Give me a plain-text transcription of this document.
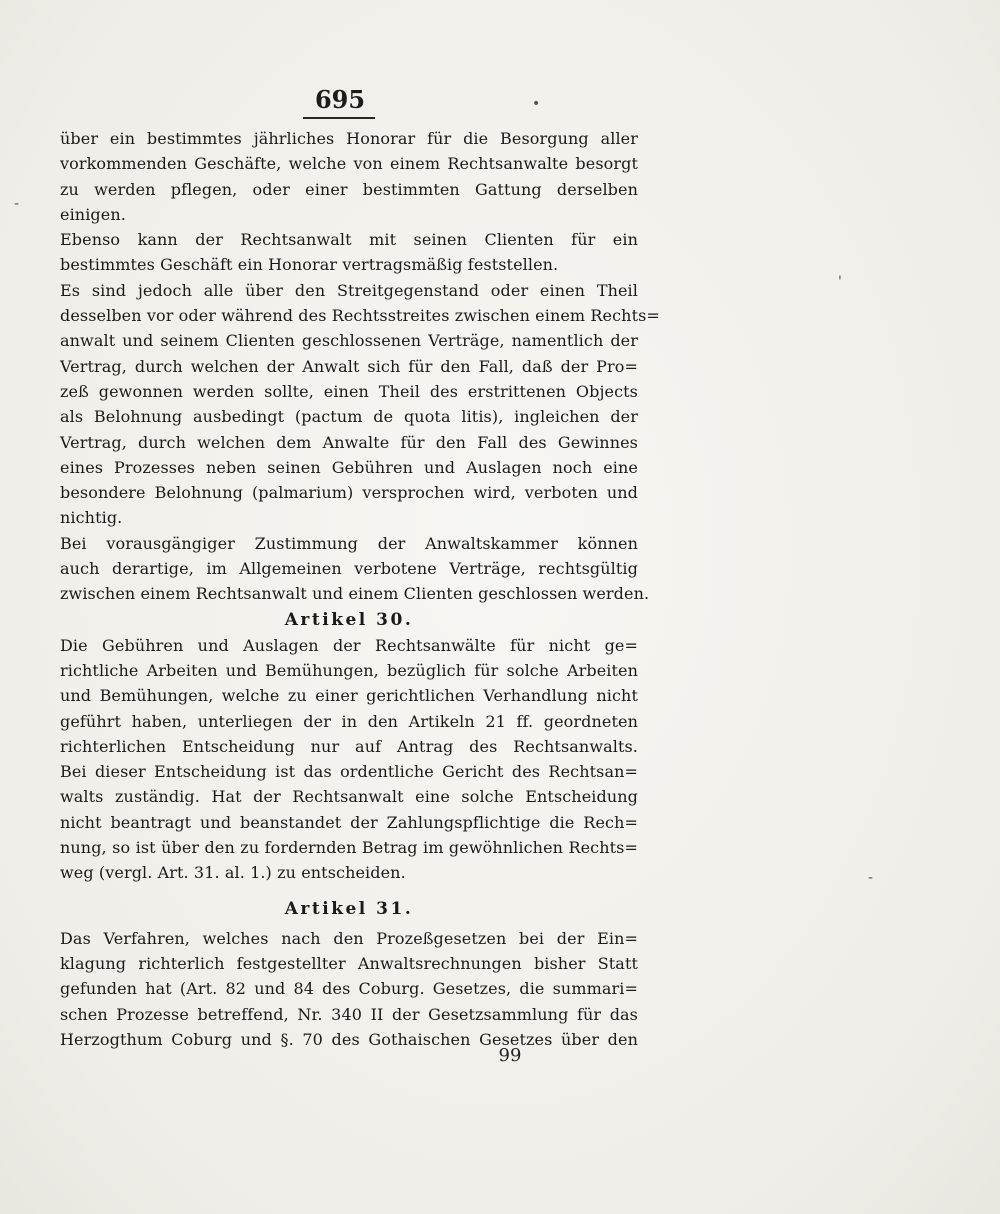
695
über ein bestimmtes jährliches Honorar für die Besorgung aller
vorkommenden Geschäfte, welche von einem Rechtsanwalte besorgt
zu werden pflegen, oder einer bestimmten Gattung derselben
einigen.
Ebenso kann der Rechtsanwalt mit seinen Clienten für ein
bestimmtes Geschäft ein Honorar vertragsmäßig feststellen.
Es sind jedoch alle über den Streitgegenstand oder einen Theil
desselben vor oder während des Rechtsstreites zwischen einem Rechts=
anwalt und seinem Clienten geschlossenen Verträge, namentlich der
Vertrag, durch welchen der Anwalt sich für den Fall, daß der Pro=
zeß gewonnen werden sollte, einen Theil des erstrittenen Objects
als Belohnung ausbedingt (pactum de quota litis), ingleichen der
Vertrag, durch welchen dem Anwalte für den Fall des Gewinnes
eines Prozesses neben seinen Gebühren und Auslagen noch eine
besondere Belohnung (palmarium) versprochen wird, verboten und
nichtig.
Bei vorausgängiger Zustimmung der Anwaltskammer können
auch derartige, im Allgemeinen verbotene Verträge, rechtsgültig
zwischen einem Rechtsanwalt und einem Clienten geschlossen werden.
Artikel 30.
Die Gebühren und Auslagen der Rechtsanwälte für nicht ge=
richtliche Arbeiten und Bemühungen, bezüglich für solche Arbeiten
und Bemühungen, welche zu einer gerichtlichen Verhandlung nicht
geführt haben, unterliegen der in den Artikeln 21 ff. geordneten
richterlichen Entscheidung nur auf Antrag des Rechtsanwalts.
Bei dieser Entscheidung ist das ordentliche Gericht des Rechtsan=
walts zuständig. Hat der Rechtsanwalt eine solche Entscheidung
nicht beantragt und beanstandet der Zahlungspflichtige die Rech=
nung, so ist über den zu fordernden Betrag im gewöhnlichen Rechts=
weg (vergl. Art. 31. al. 1.) zu entscheiden.
Artikel 31.
Das Verfahren, welches nach den Prozeßgesetzen bei der Ein=
klagung richterlich festgestellter Anwaltsrechnungen bisher Statt
gefunden hat (Art. 82 und 84 des Coburg. Gesetzes, die summari=
schen Prozesse betreffend, Nr. 340 II der Gesetzsammlung für das
Herzogthum Coburg und §. 70 des Gothaischen Gesetzes über den
99
•
-
'
-
